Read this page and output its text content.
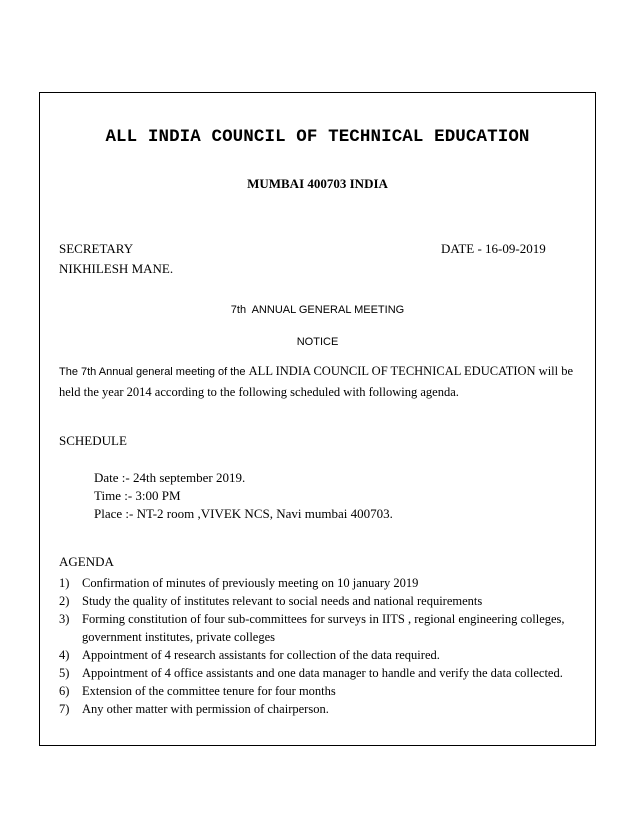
ALL INDIA COUNCIL OF TECHNICAL EDUCATION
MUMBAI 400703 INDIA
SECRETARY
NIKHILESH MANE.
DATE - 16-09-2019
7th  ANNUAL GENERAL MEETING
NOTICE
The 7th Annual general meeting of the ALL INDIA COUNCIL OF TECHNICAL EDUCATION will be held the year 2014 according to the following scheduled with following agenda.
SCHEDULE
Date :- 24th september 2019.
Time :- 3:00 PM
Place :- NT-2 room ,VIVEK NCS, Navi mumbai 400703.
AGENDA
1)	Confirmation of minutes of previously meeting on 10 january 2019
2)	Study the quality of institutes relevant to social needs and national requirements
3)	Forming constitution of four sub-committees for surveys in IITS , regional engineering colleges, government institutes, private colleges
4)	Appointment of 4 research assistants for collection of the data required.
5)	Appointment of 4 office assistants and one data manager to handle and verify the data collected.
6)	Extension of the committee tenure for four months
7)	Any other matter with permission of chairperson.
